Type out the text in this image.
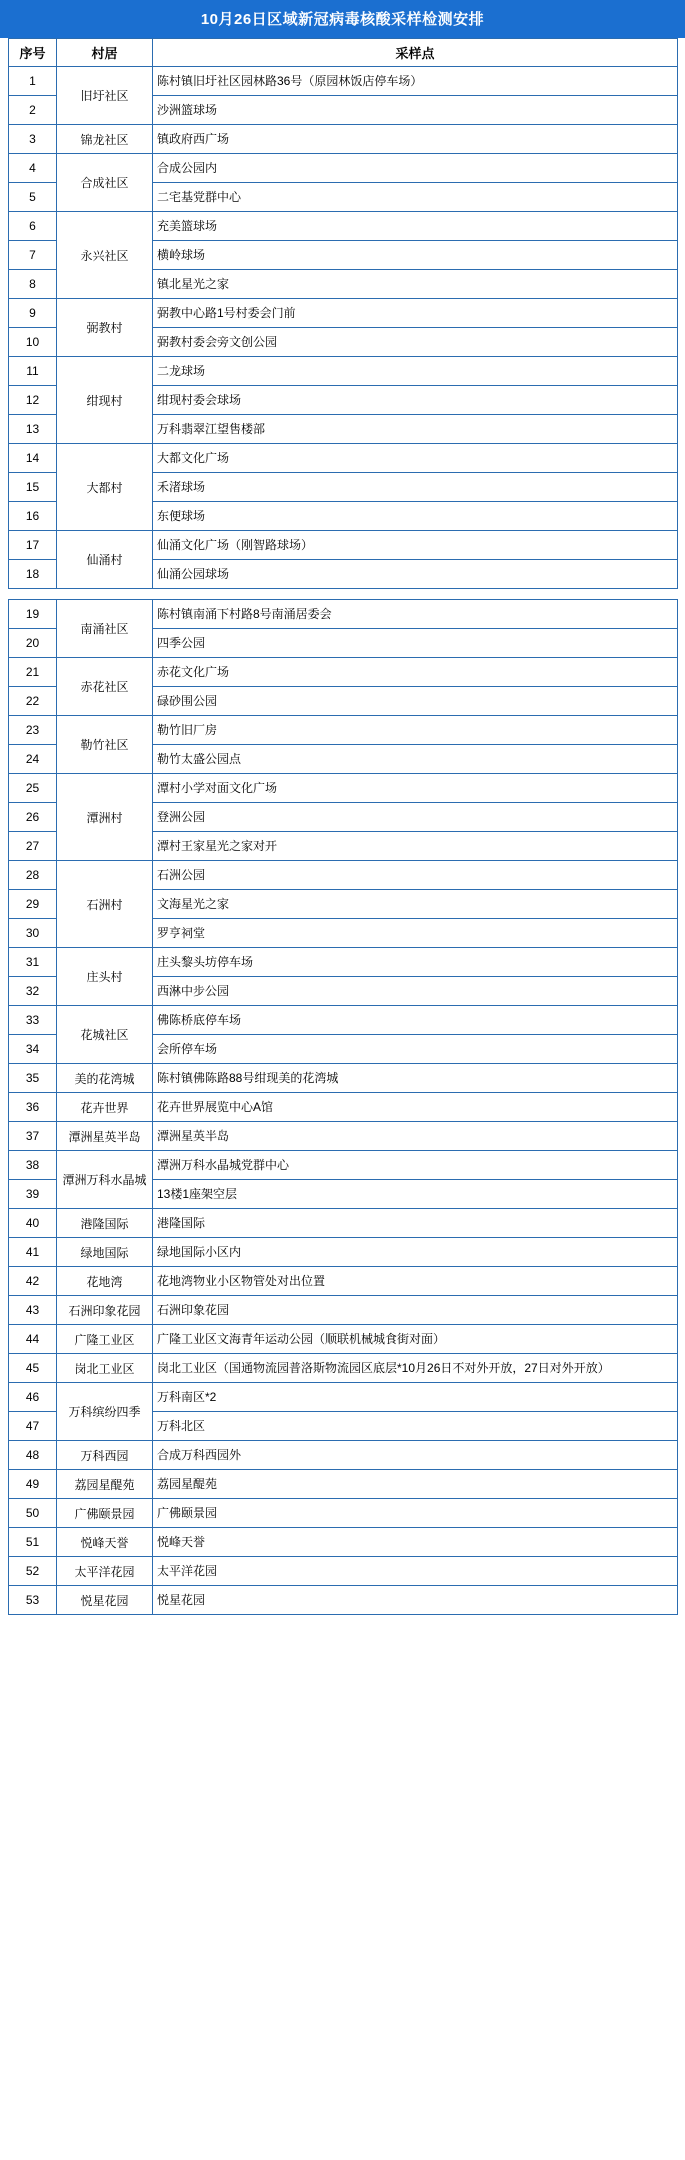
10月26日区域新冠病毒核酸采样检测安排
序号	村居	采样点
1	旧圩社区	陈村镇旧圩社区园林路36号（原园林饭店停车场）
2		沙洲篮球场
3	锦龙社区	镇政府西广场
4	合成社区	合成公园内
5		二宅基党群中心
6	永兴社区	充美篮球场
7		横岭球场
8		镇北星光之家
9	弼教村	弼教中心路1号村委会门前
10		弼教村委会旁文创公园
11	绀现村	二龙球场
12		绀现村委会球场
13		万科翡翠江望售楼部
14	大都村	大都文化广场
15		禾渚球场
16		东便球场
17	仙涌村	仙涌文化广场（刚智路球场）
18		仙涌公园球场
19	南涌社区	陈村镇南涌下村路8号南涌居委会
20		四季公园
21	赤花社区	赤花文化广场
22		碌砂围公园
23	勒竹社区	勒竹旧厂房
24		勒竹太盛公园点
25	潭洲村	潭村小学对面文化广场
26		登洲公园
27		潭村王家星光之家对开
28	石洲村	石洲公园
29		文海星光之家
30		罗亨祠堂
31	庄头村	庄头黎头坊停车场
32		西淋中步公园
33	花城社区	佛陈桥底停车场
34		会所停车场
35	美的花湾城	陈村镇佛陈路88号绀现美的花湾城
36	花卉世界	花卉世界展览中心A馆
37	潭洲星英半岛	潭洲星英半岛
38	潭洲万科水晶城	潭洲万科水晶城党群中心
39		13楼1座架空层
40	港隆国际	港隆国际
41	绿地国际	绿地国际小区内
42	花地湾	花地湾物业小区物管处对出位置
43	石洲印象花园	石洲印象花园
44	广隆工业区	广隆工业区文海青年运动公园（顺联机械城食街对面）
45	岗北工业区	岗北工业区（国通物流园普洛斯物流园区底层*10月26日不对外开放，27日对外开放）
46	万科缤纷四季	万科南区*2
47		万科北区
48	万科西园	合成万科西园外
49	荔园星醍苑	荔园星醍苑
50	广佛颐景园	广佛颐景园
51	悦峰天誉	悦峰天誉
52	太平洋花园	太平洋花园
53	悦星花园	悦星花园
